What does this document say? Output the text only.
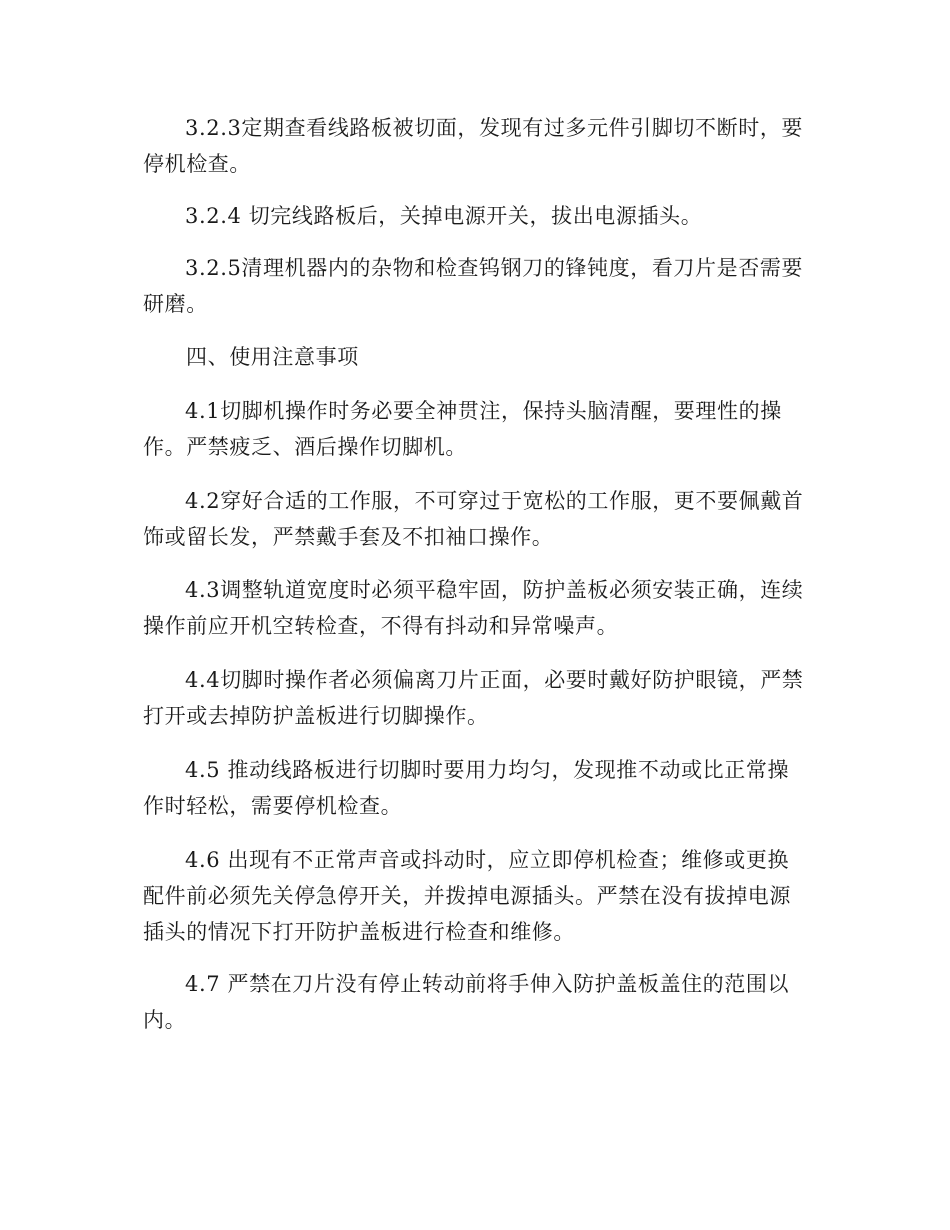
3.2.3定期查看线路板被切面，发现有过多元件引脚切不断时，要
停机检查。
3.2.4 切完线路板后，关掉电源开关，拔出电源插头。
3.2.5清理机器内的杂物和检查钨钢刀的锋钝度，看刀片是否需要
研磨。
四、使用注意事项
4.1切脚机操作时务必要全神贯注，保持头脑清醒，要理性的操
作。严禁疲乏、酒后操作切脚机。
4.2穿好合适的工作服，不可穿过于宽松的工作服，更不要佩戴首
饰或留长发，严禁戴手套及不扣袖口操作。
4.3调整轨道宽度时必须平稳牢固，防护盖板必须安装正确，连续
操作前应开机空转检查，不得有抖动和异常噪声。
4.4切脚时操作者必须偏离刀片正面，必要时戴好防护眼镜，严禁
打开或去掉防护盖板进行切脚操作。
4.5 推动线路板进行切脚时要用力均匀，发现推不动或比正常操
作时轻松，需要停机检查。
4.6 出现有不正常声音或抖动时，应立即停机检查；维修或更换
配件前必须先关停急停开关，并拨掉电源插头。严禁在没有拔掉电源
插头的情况下打开防护盖板进行检查和维修。
4.7 严禁在刀片没有停止转动前将手伸入防护盖板盖住的范围以
内。
